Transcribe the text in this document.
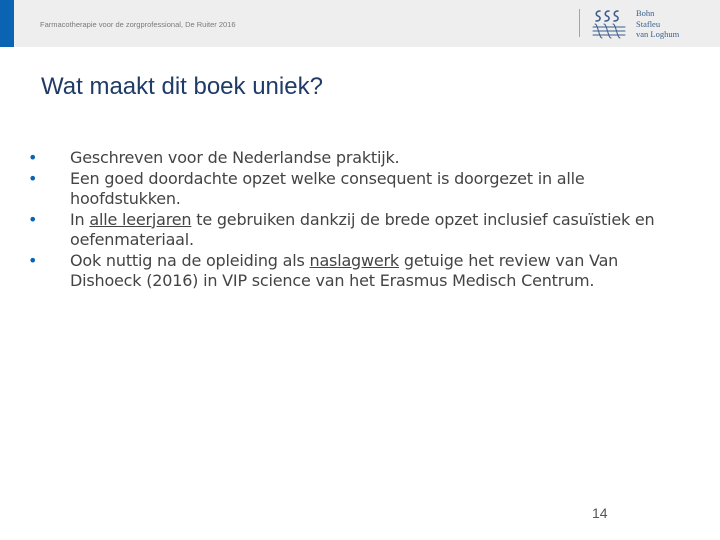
Farmacotherapie voor de zorgprofessional, De Ruiter 2016
Bohn
Stafleu
van Loghum
Wat maakt dit boek uniek?
• Geschreven voor de Nederlandse praktijk.
• Een goed doordachte opzet welke consequent is doorgezet in alle hoofdstukken.
• In alle leerjaren te gebruiken dankzij de brede opzet inclusief casuïstiek en oefenmateriaal.
• Ook nuttig na de opleiding als naslagwerk getuige het review van Van Dishoeck (2016) in VIP science van het Erasmus Medisch Centrum.
14
